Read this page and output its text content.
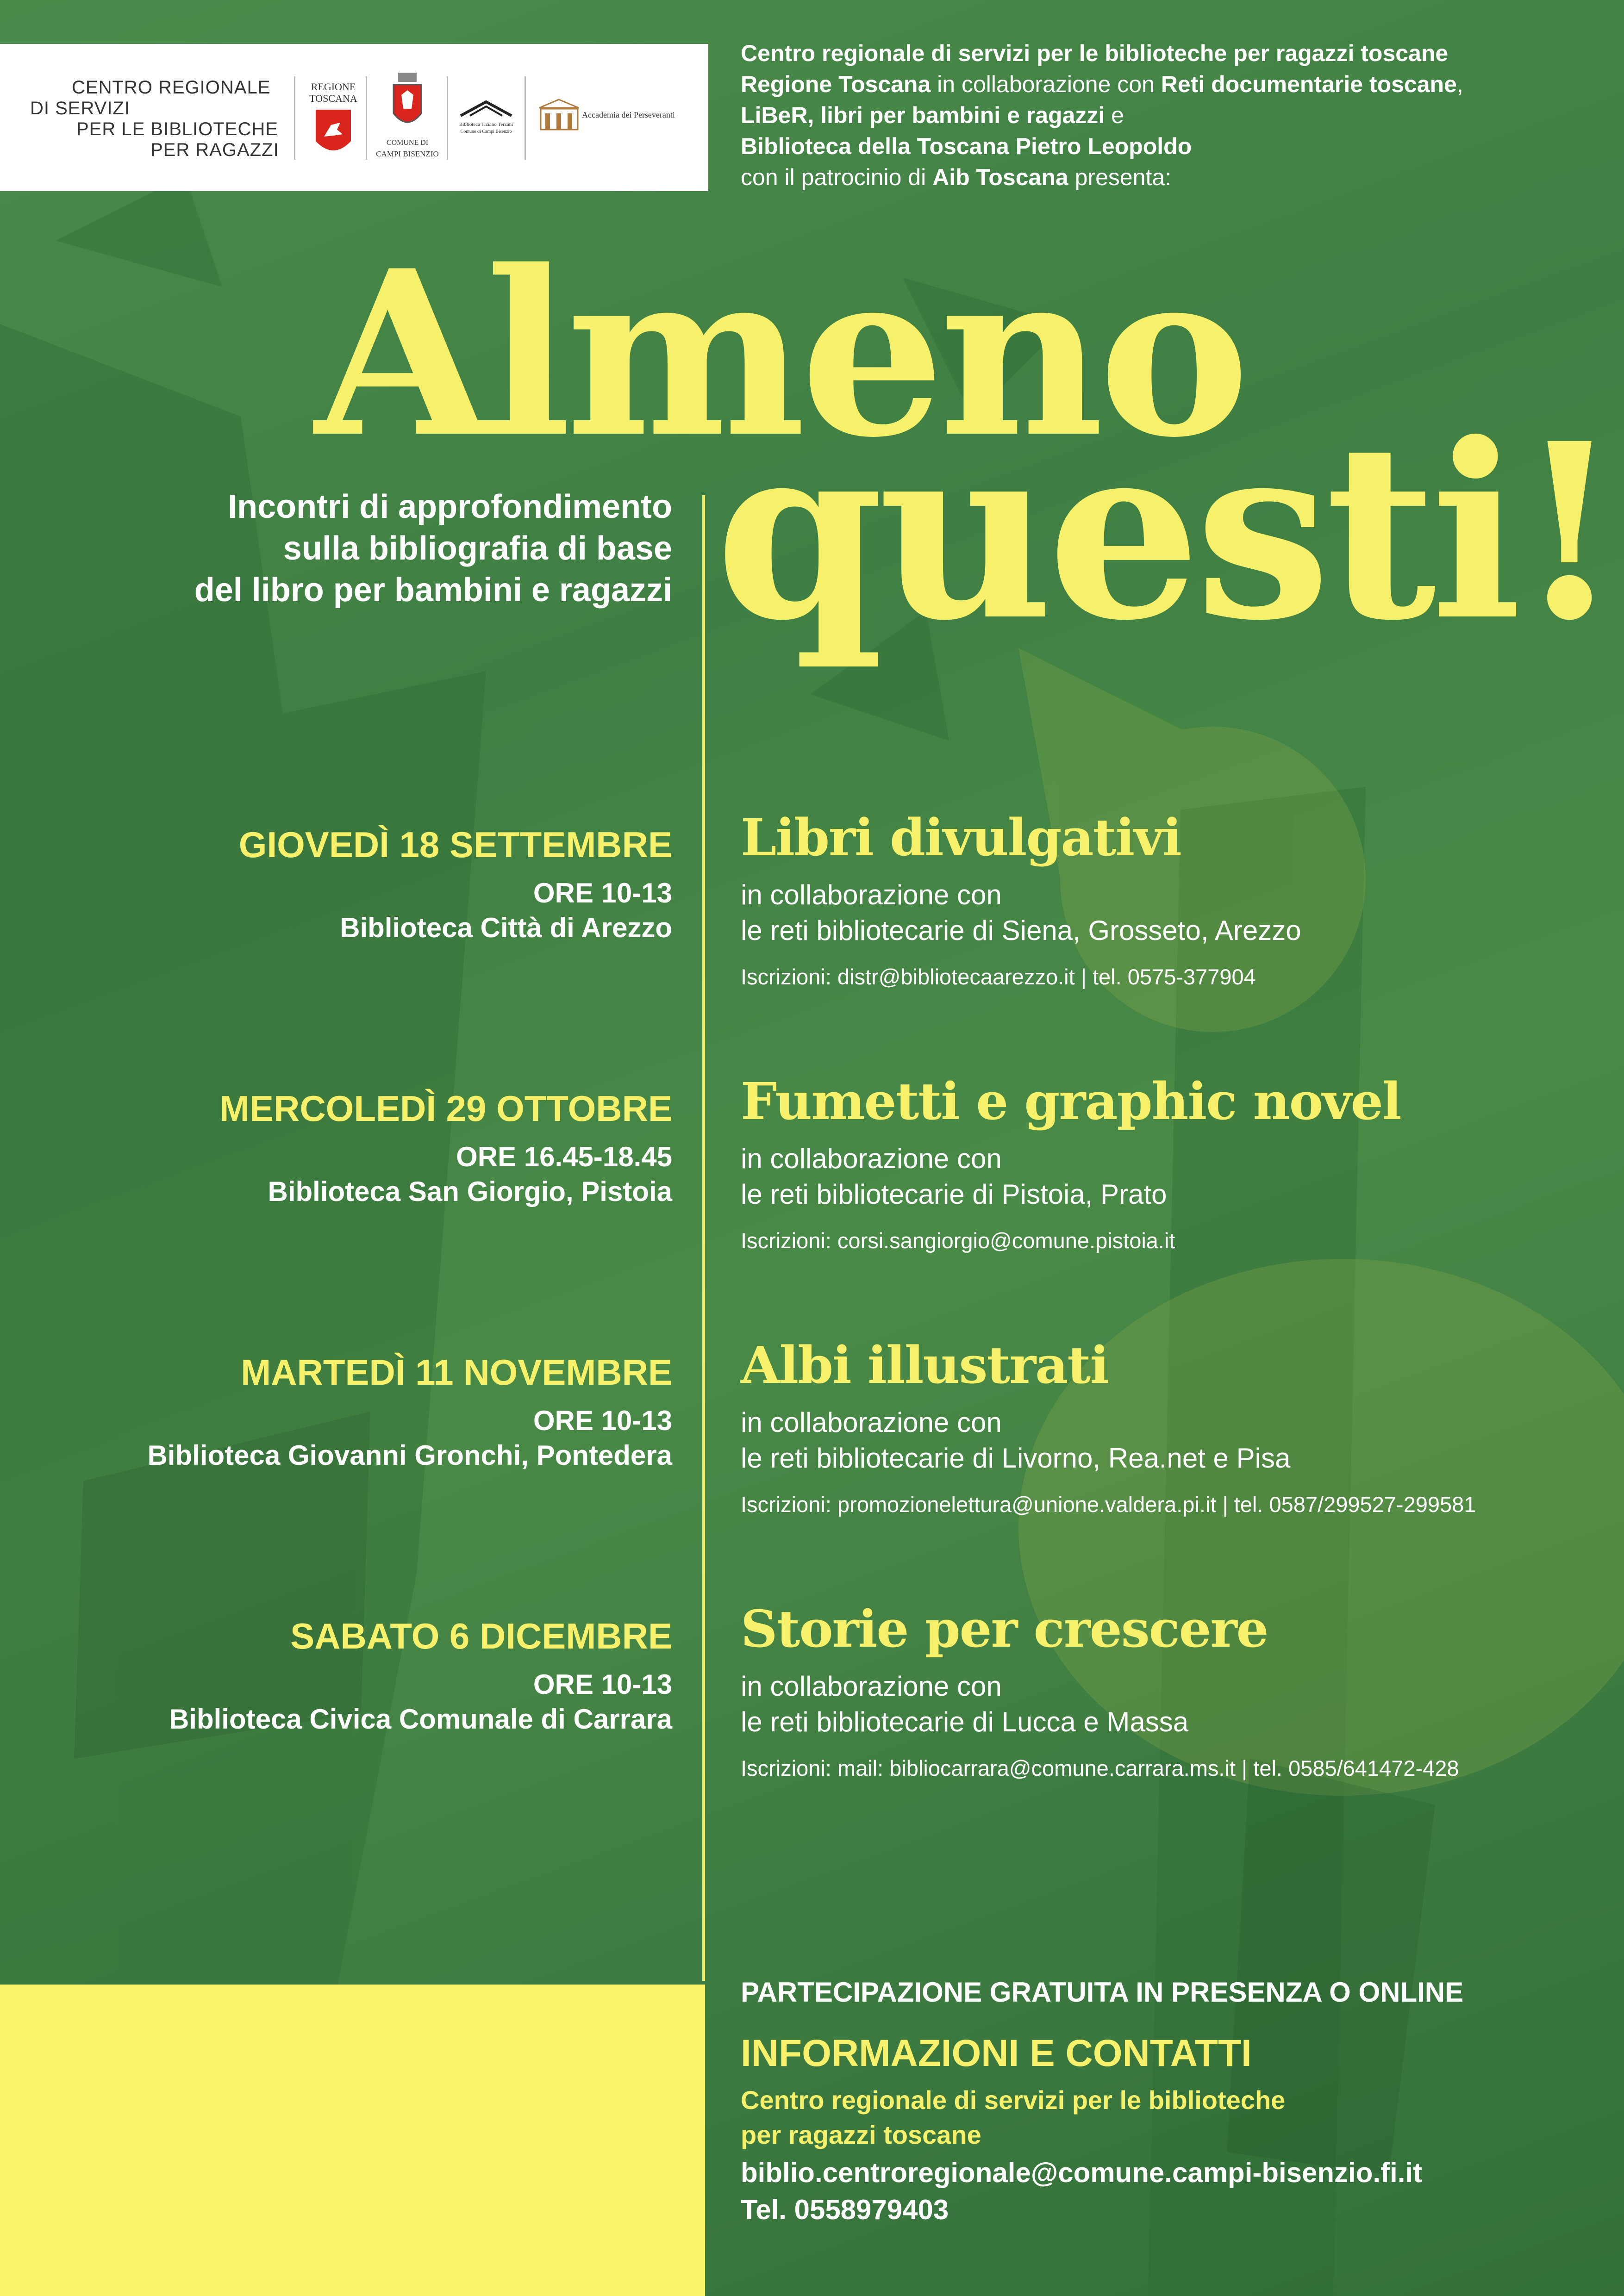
CENTRO REGIONALE
DI SERVIZI
PER LE BIBLIOTECHE
PER RAGAZZI
REGIONE
TOSCANA
COMUNE DI
CAMPI BISENZIO
Biblioteca Tiziano Terzani
Comune di Campi Bisenzio
Accademia dei Perseveranti
Centro regionale di servizi per le biblioteche per ragazzi toscane
Regione Toscana in collaborazione con Reti documentarie toscane,
LiBeR, libri per bambini e ragazzi e
Biblioteca della Toscana Pietro Leopoldo
con il patrocinio di Aib Toscana presenta:
Almeno
questi!
Incontri di approfondimento
sulla bibliografia di base
del libro per bambini e ragazzi
GIOVEDÌ 18 SETTEMBRE
ORE 10-13
Biblioteca Città di Arezzo
Libri divulgativi
in collaborazione con
le reti bibliotecarie di Siena, Grosseto, Arezzo
Iscrizioni: distr@bibliotecaarezzo.it | tel. 0575-377904
MERCOLEDÌ 29 OTTOBRE
ORE 16.45-18.45
Biblioteca San Giorgio, Pistoia
Fumetti e graphic novel
in collaborazione con
le reti bibliotecarie di Pistoia, Prato
Iscrizioni: corsi.sangiorgio@comune.pistoia.it
MARTEDÌ 11 NOVEMBRE
ORE 10-13
Biblioteca Giovanni Gronchi, Pontedera
Albi illustrati
in collaborazione con
le reti bibliotecarie di Livorno, Rea.net e Pisa
Iscrizioni: promozionelettura@unione.valdera.pi.it | tel. 0587/299527-299581
SABATO 6 DICEMBRE
ORE 10-13
Biblioteca Civica Comunale di Carrara
Storie per crescere
in collaborazione con
le reti bibliotecarie di Lucca e Massa
Iscrizioni: mail: bibliocarrara@comune.carrara.ms.it | tel. 0585/641472-428
PARTECIPAZIONE GRATUITA IN PRESENZA O ONLINE
INFORMAZIONI E CONTATTI
Centro regionale di servizi per le biblioteche
per ragazzi toscane
biblio.centroregionale@comune.campi-bisenzio.fi.it
Tel. 0558979403
